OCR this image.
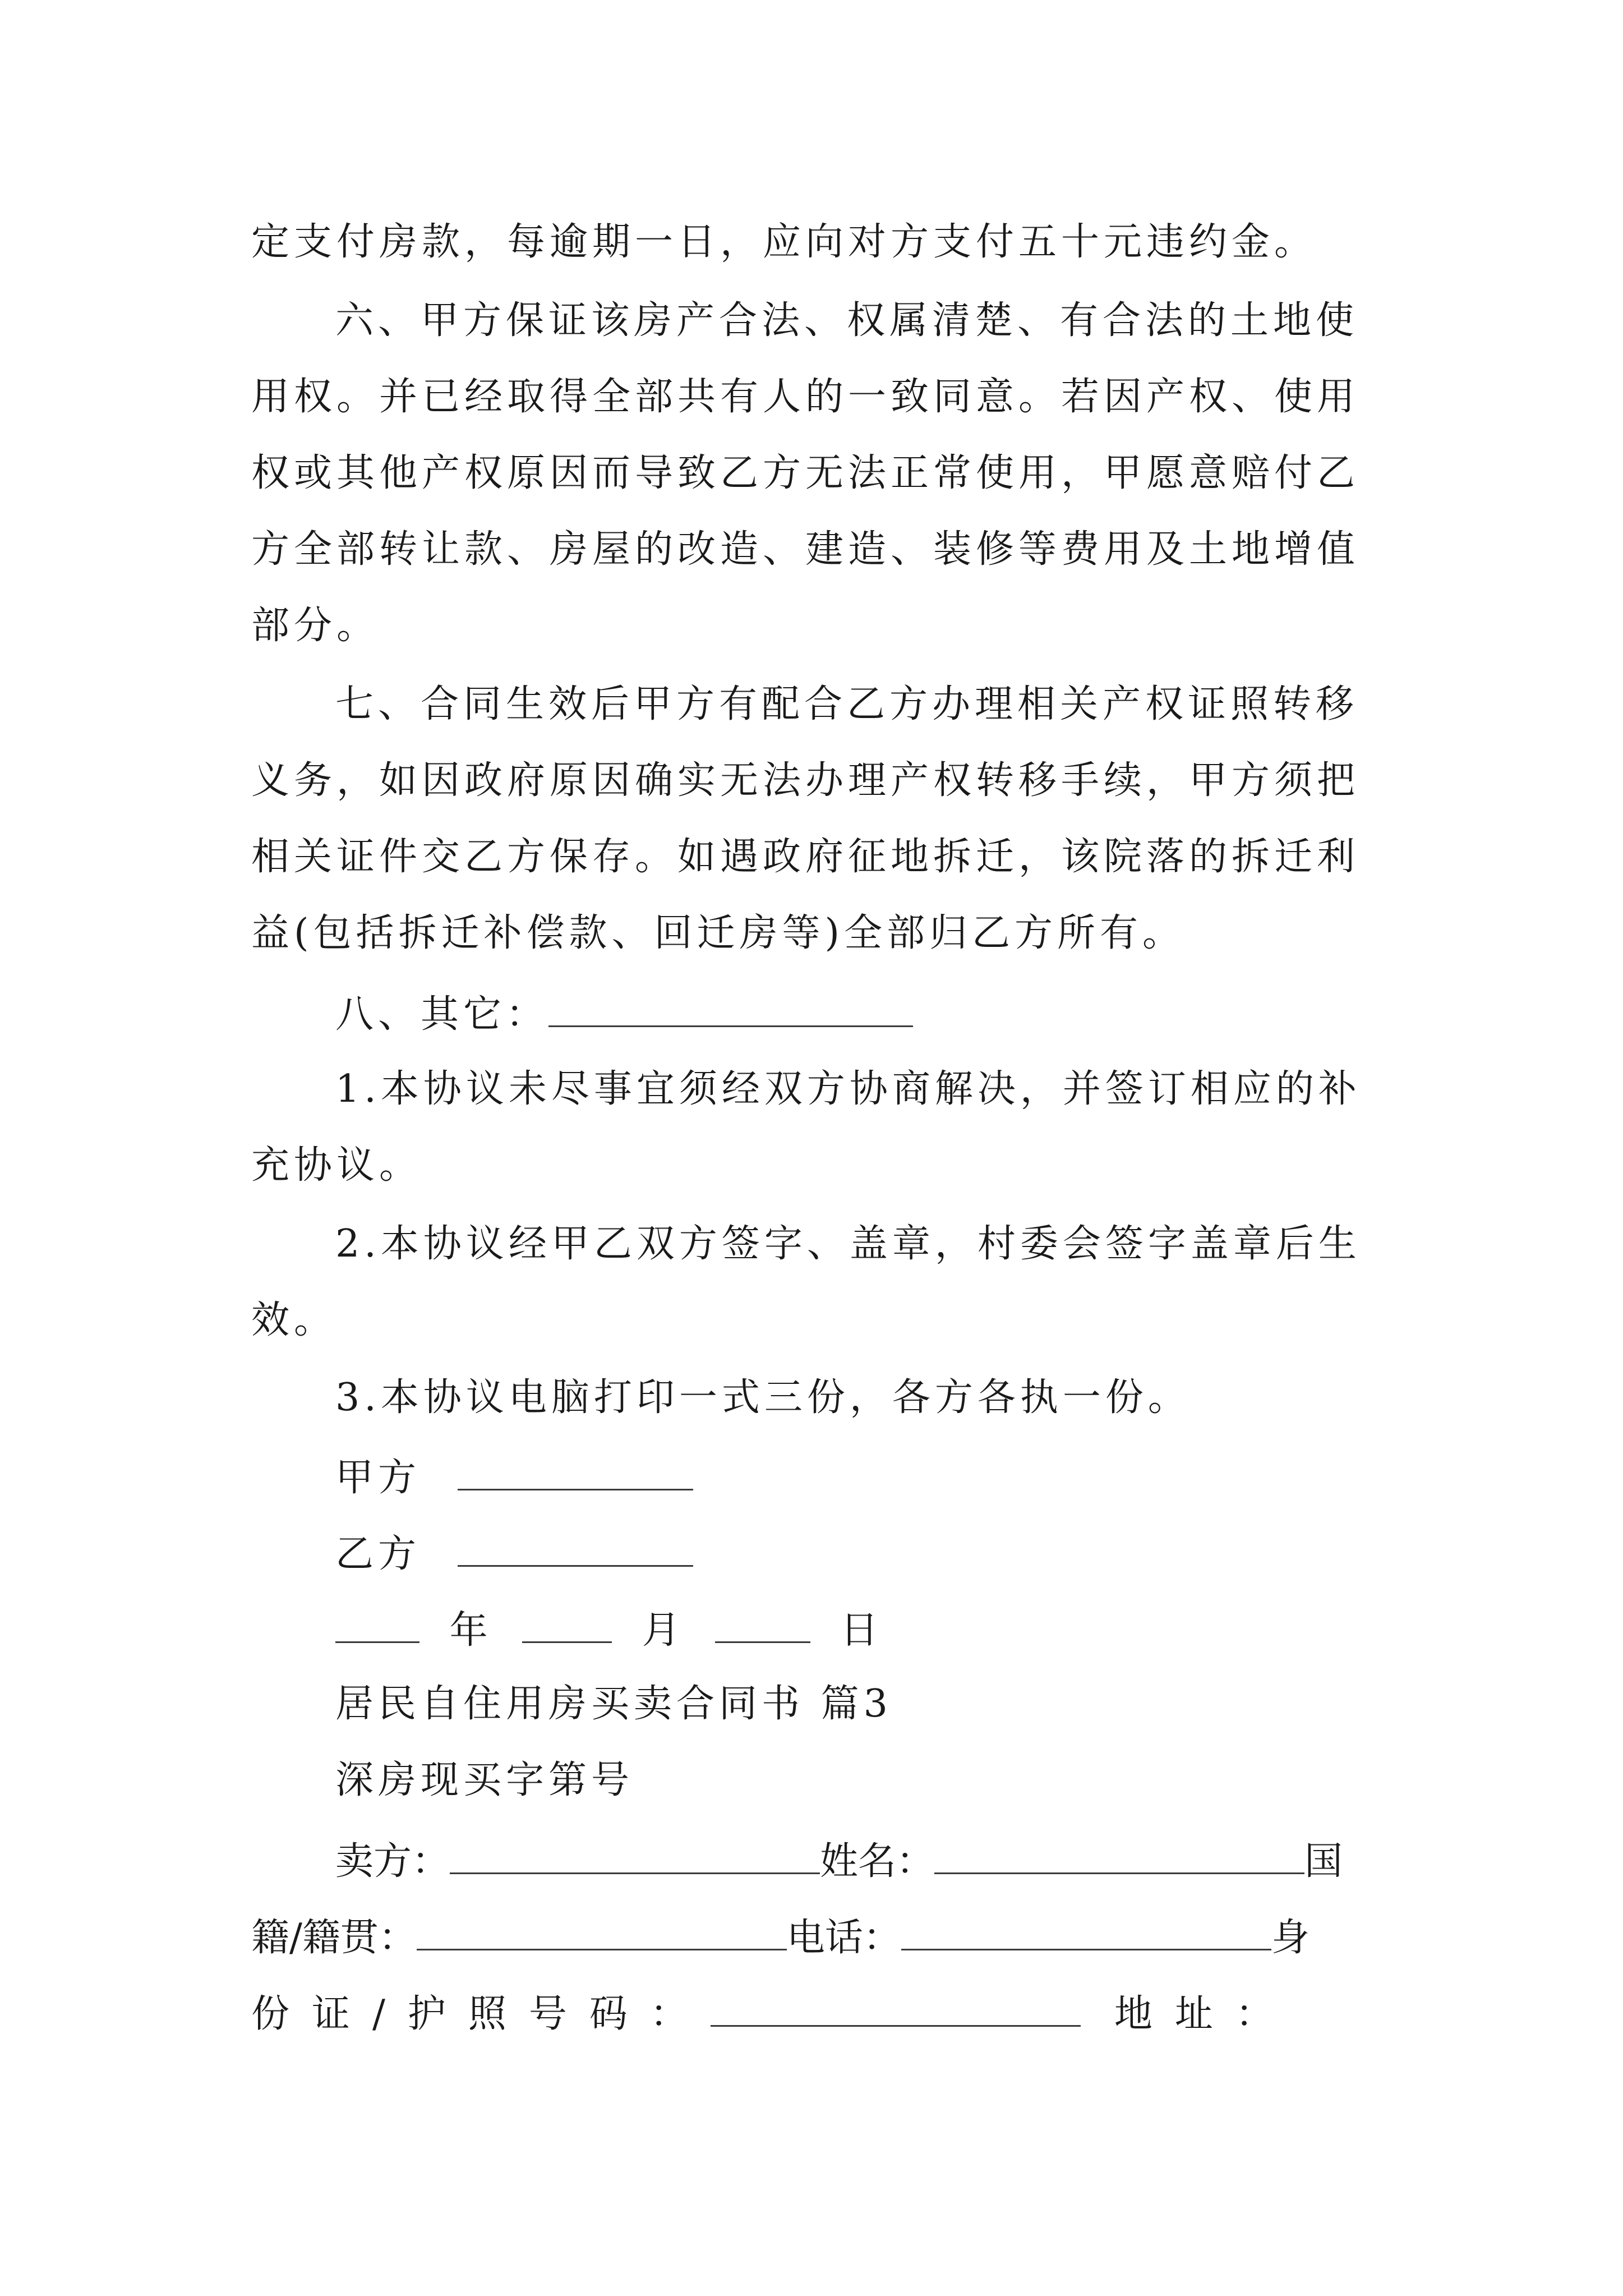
定支付房款，每逾期一日，应向对方支付五十元违约金。
六、甲方保证该房产合法、权属清楚、有合法的土地使
用权。并已经取得全部共有人的一致同意。若因产权、使用
权或其他产权原因而导致乙方无法正常使用，甲愿意赔付乙
方全部转让款、房屋的改造、建造、装修等费用及土地增值
部分。
七、合同生效后甲方有配合乙方办理相关产权证照转移
义务，如因政府原因确实无法办理产权转移手续，甲方须把
相关证件交乙方保存。如遇政府征地拆迁，该院落的拆迁利
益(包括拆迁补偿款、回迁房等)全部归乙方所有。
八、其它：
1.本协议未尽事宜须经双方协商解决，并签订相应的补
充协议。
2.本协议经甲乙双方签字、盖章，村委会签字盖章后生
效。
3.本协议电脑打印一式三份，各方各执一份。
甲方
乙方
年	月	日
居民自住用房买卖合同书 篇3
深房现买字第号
卖方：	姓名：	国
籍/籍贯：	电话：	身
份证/护照号码：	地址：
